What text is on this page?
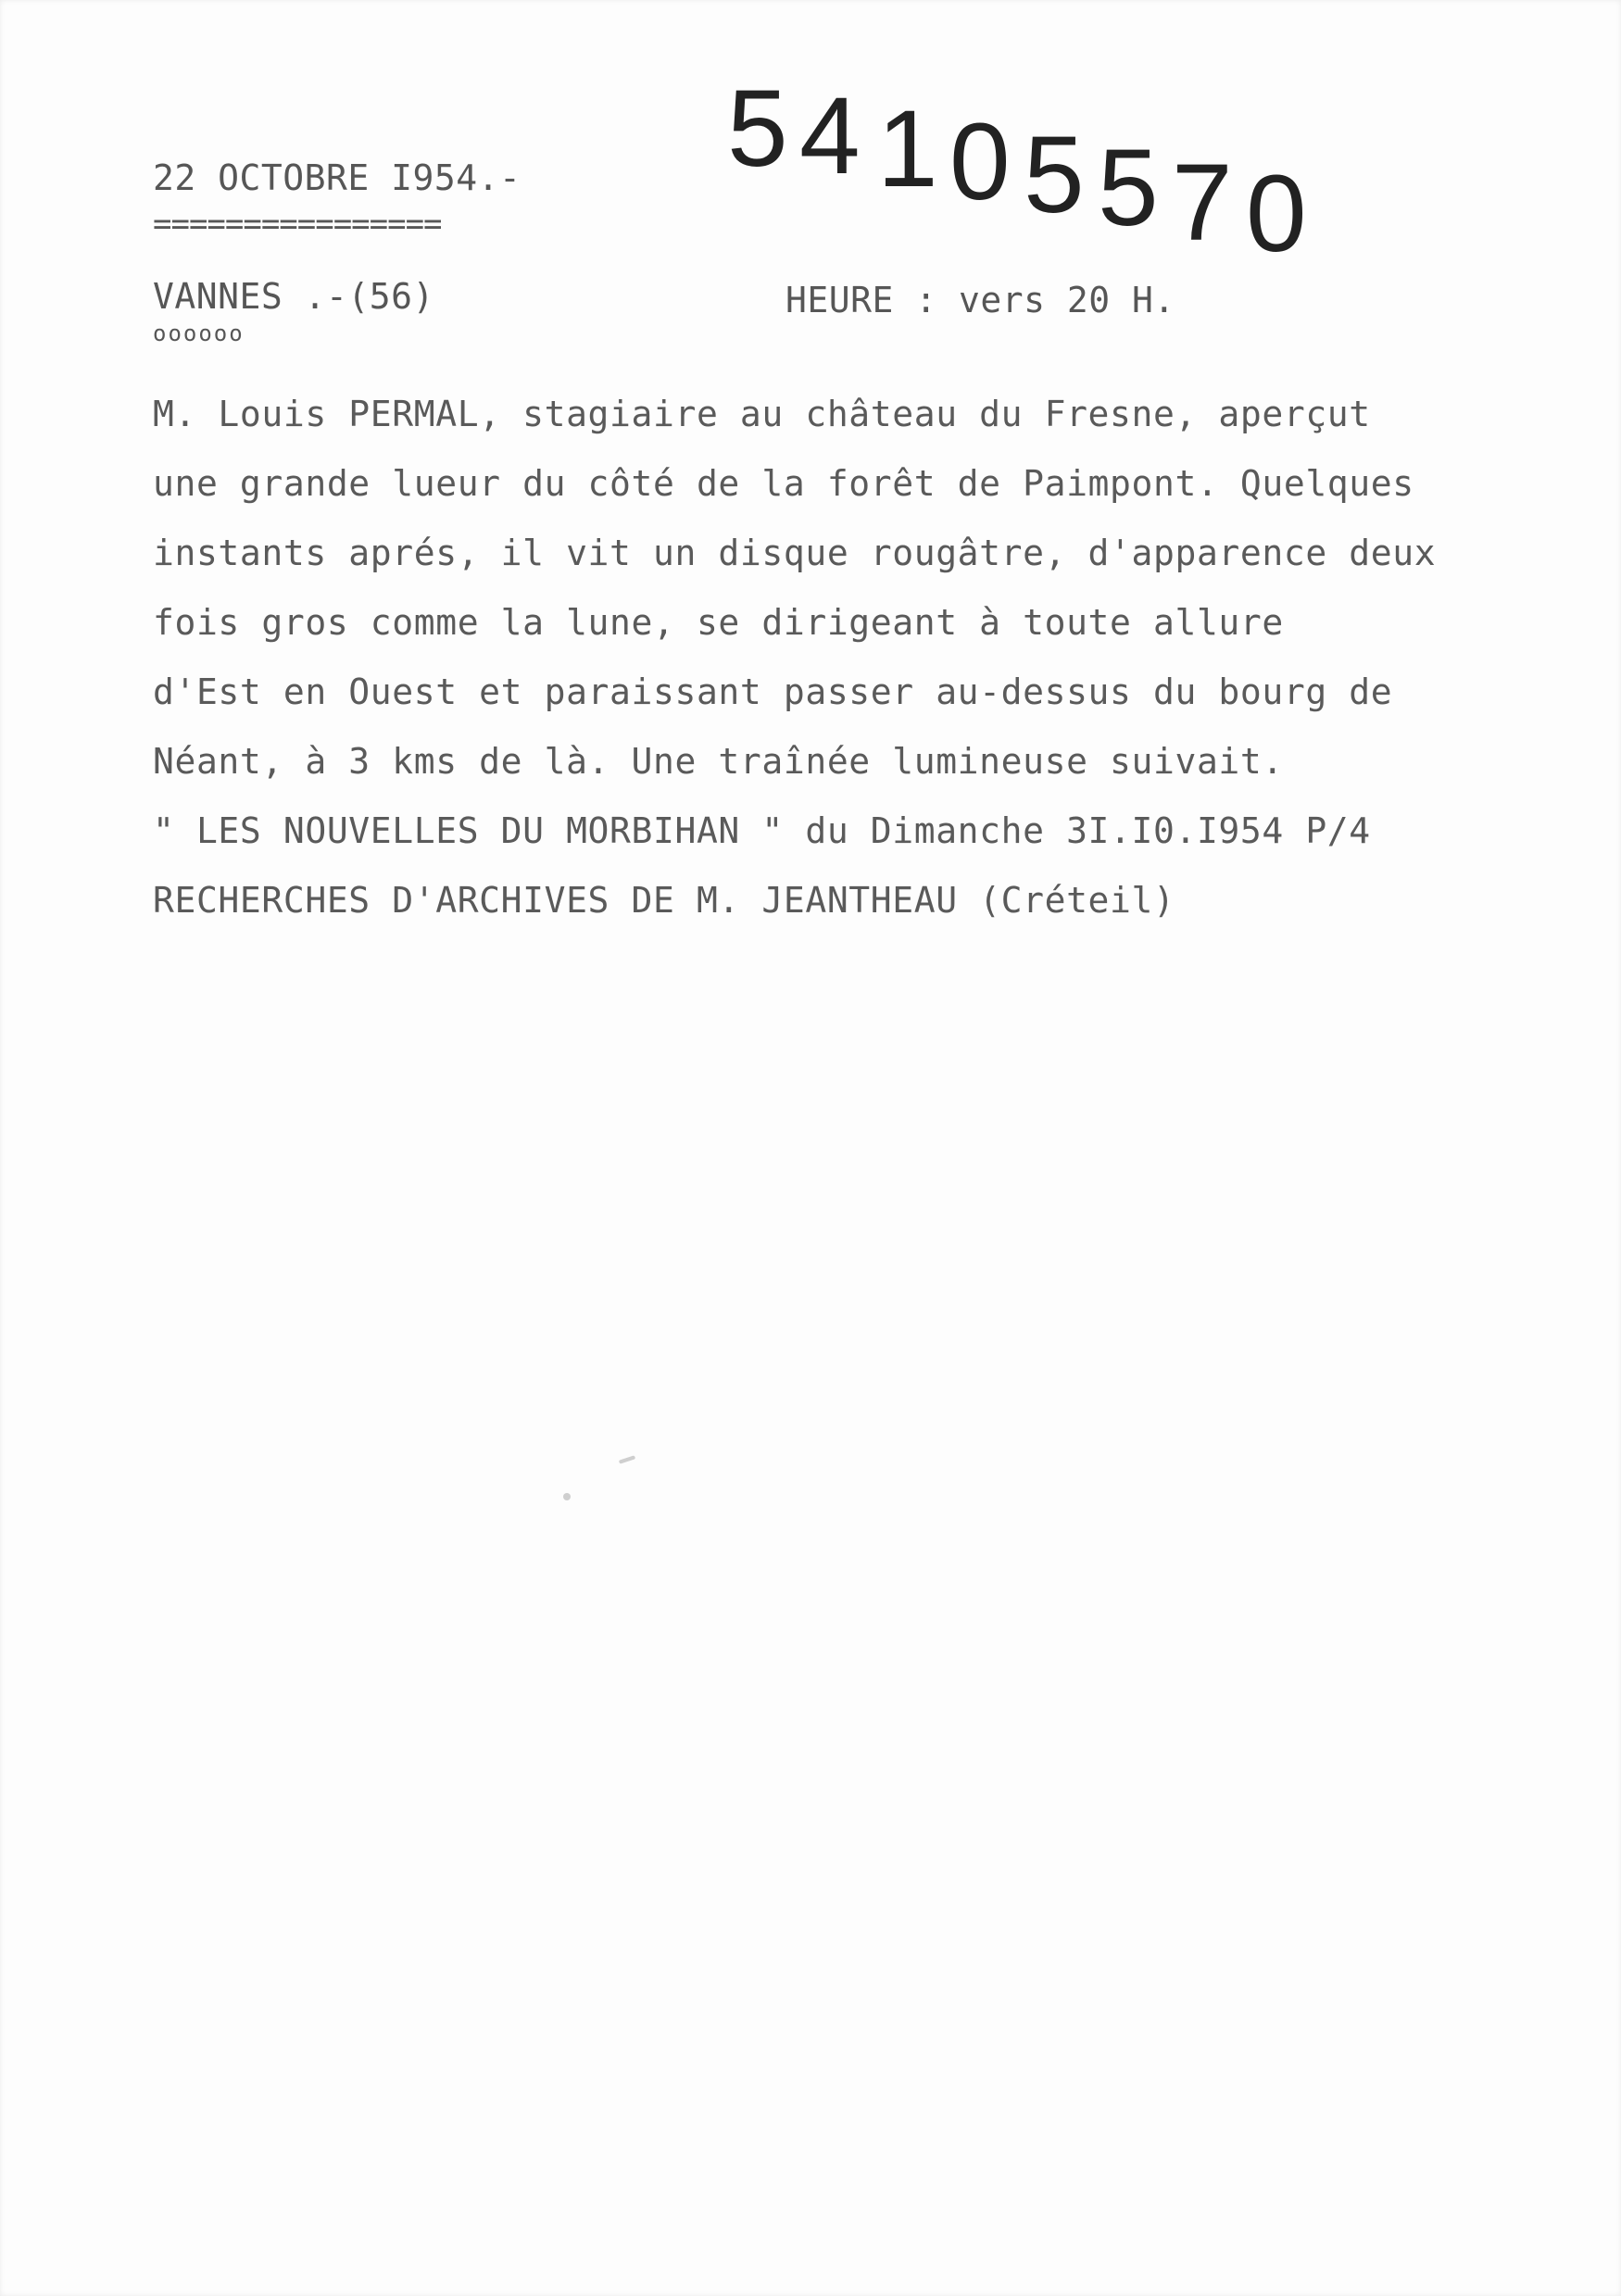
22 OCTOBRE I954.-
================
VANNES .-(56)
oooooo
HEURE : vers 20 H.
5 4 1 0 5 5 7 0
M. Louis PERMAL, stagiaire au château du Fresne, aperçut
une grande lueur du côté de la forêt de Paimpont. Quelques
instants aprés, il vit un disque rougâtre, d'apparence deux
fois gros comme la lune, se dirigeant à toute allure
d'Est en Ouest et paraissant passer au-dessus du bourg de
Néant, à 3 kms de là. Une traînée lumineuse suivait.
" LES NOUVELLES DU MORBIHAN " du Dimanche 3I.I0.I954 P/4
RECHERCHES D'ARCHIVES DE M. JEANTHEAU (Créteil)
